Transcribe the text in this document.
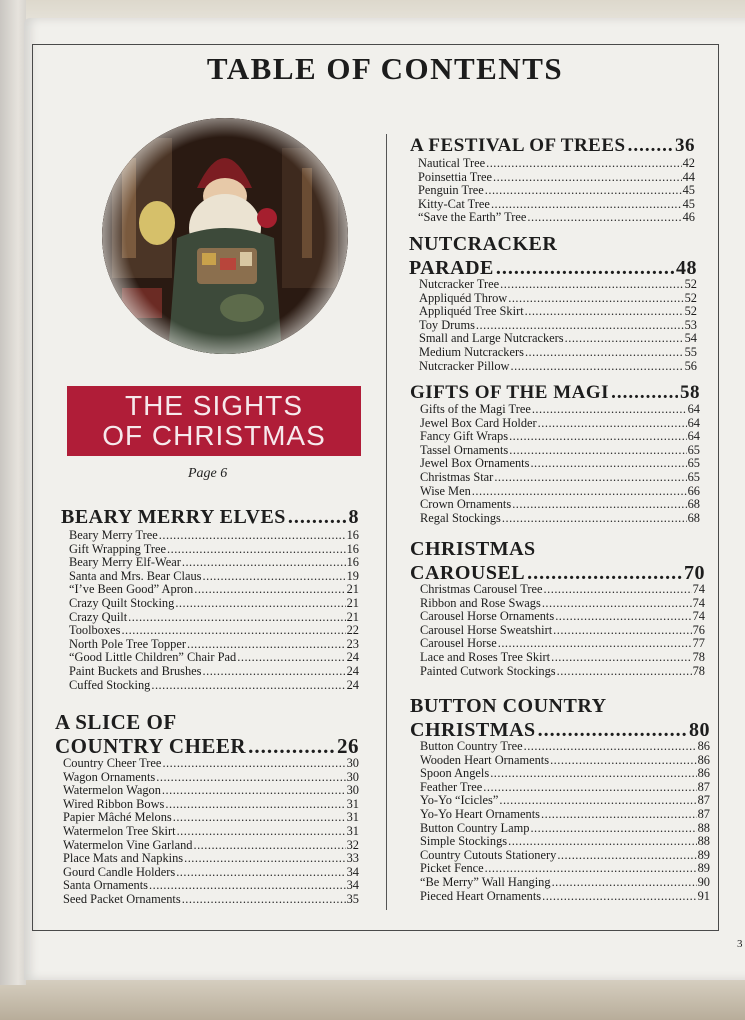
TABLE OF CONTENTS
THE SIGHTS
OF CHRISTMAS
Page 6
BEARY MERRY ELVES .....	8
Beary Merry Tree .....	16
Gift Wrapping Tree .....	16
Beary Merry Elf-Wear .....	16
Santa and Mrs. Bear Claus .....	19
“I’ve Been Good” Apron .....	21
Crazy Quilt Stocking .....	21
Crazy Quilt .....	21
Toolboxes .....	22
North Pole Tree Topper .....	23
“Good Little Children” Chair Pad .....	24
Paint Buckets and Brushes .....	24
Cuffed Stocking .....	24
A SLICE OF
COUNTRY CHEER .....	26
Country Cheer Tree .....	30
Wagon Ornaments .....	30
Watermelon Wagon .....	30
Wired Ribbon Bows .....	31
Papier Mâché Melons .....	31
Watermelon Tree Skirt .....	31
Watermelon Vine Garland .....	32
Place Mats and Napkins .....	33
Gourd Candle Holders .....	34
Santa Ornaments .....	34
Seed Packet Ornaments .....	35
A FESTIVAL OF TREES .....	36
Nautical Tree .....	42
Poinsettia Tree .....	44
Penguin Tree .....	45
Kitty-Cat Tree .....	45
“Save the Earth” Tree .....	46
NUTCRACKER
PARADE .....	48
Nutcracker Tree .....	52
Appliquéd Throw .....	52
Appliquéd Tree Skirt .....	52
Toy Drums .....	53
Small and Large Nutcrackers .....	54
Medium Nutcrackers .....	55
Nutcracker Pillow .....	56
GIFTS OF THE MAGI .....	58
Gifts of the Magi Tree .....	64
Jewel Box Card Holder .....	64
Fancy Gift Wraps .....	64
Tassel Ornaments .....	65
Jewel Box Ornaments .....	65
Christmas Star .....	65
Wise Men .....	66
Crown Ornaments .....	68
Regal Stockings .....	68
CHRISTMAS
CAROUSEL .....	70
Christmas Carousel Tree .....	74
Ribbon and Rose Swags .....	74
Carousel Horse Ornaments .....	74
Carousel Horse Sweatshirt .....	76
Carousel Horse .....	77
Lace and Roses Tree Skirt .....	78
Painted Cutwork Stockings .....	78
BUTTON COUNTRY
CHRISTMAS .....	80
Button Country Tree .....	86
Wooden Heart Ornaments .....	86
Spoon Angels .....	86
Feather Tree .....	87
Yo-Yo “Icicles” .....	87
Yo-Yo Heart Ornaments .....	87
Button Country Lamp .....	88
Simple Stockings .....	88
Country Cutouts Stationery .....	89
Picket Fence .....	89
“Be Merry” Wall Hanging .....	90
Pieced Heart Ornaments .....	91
3
